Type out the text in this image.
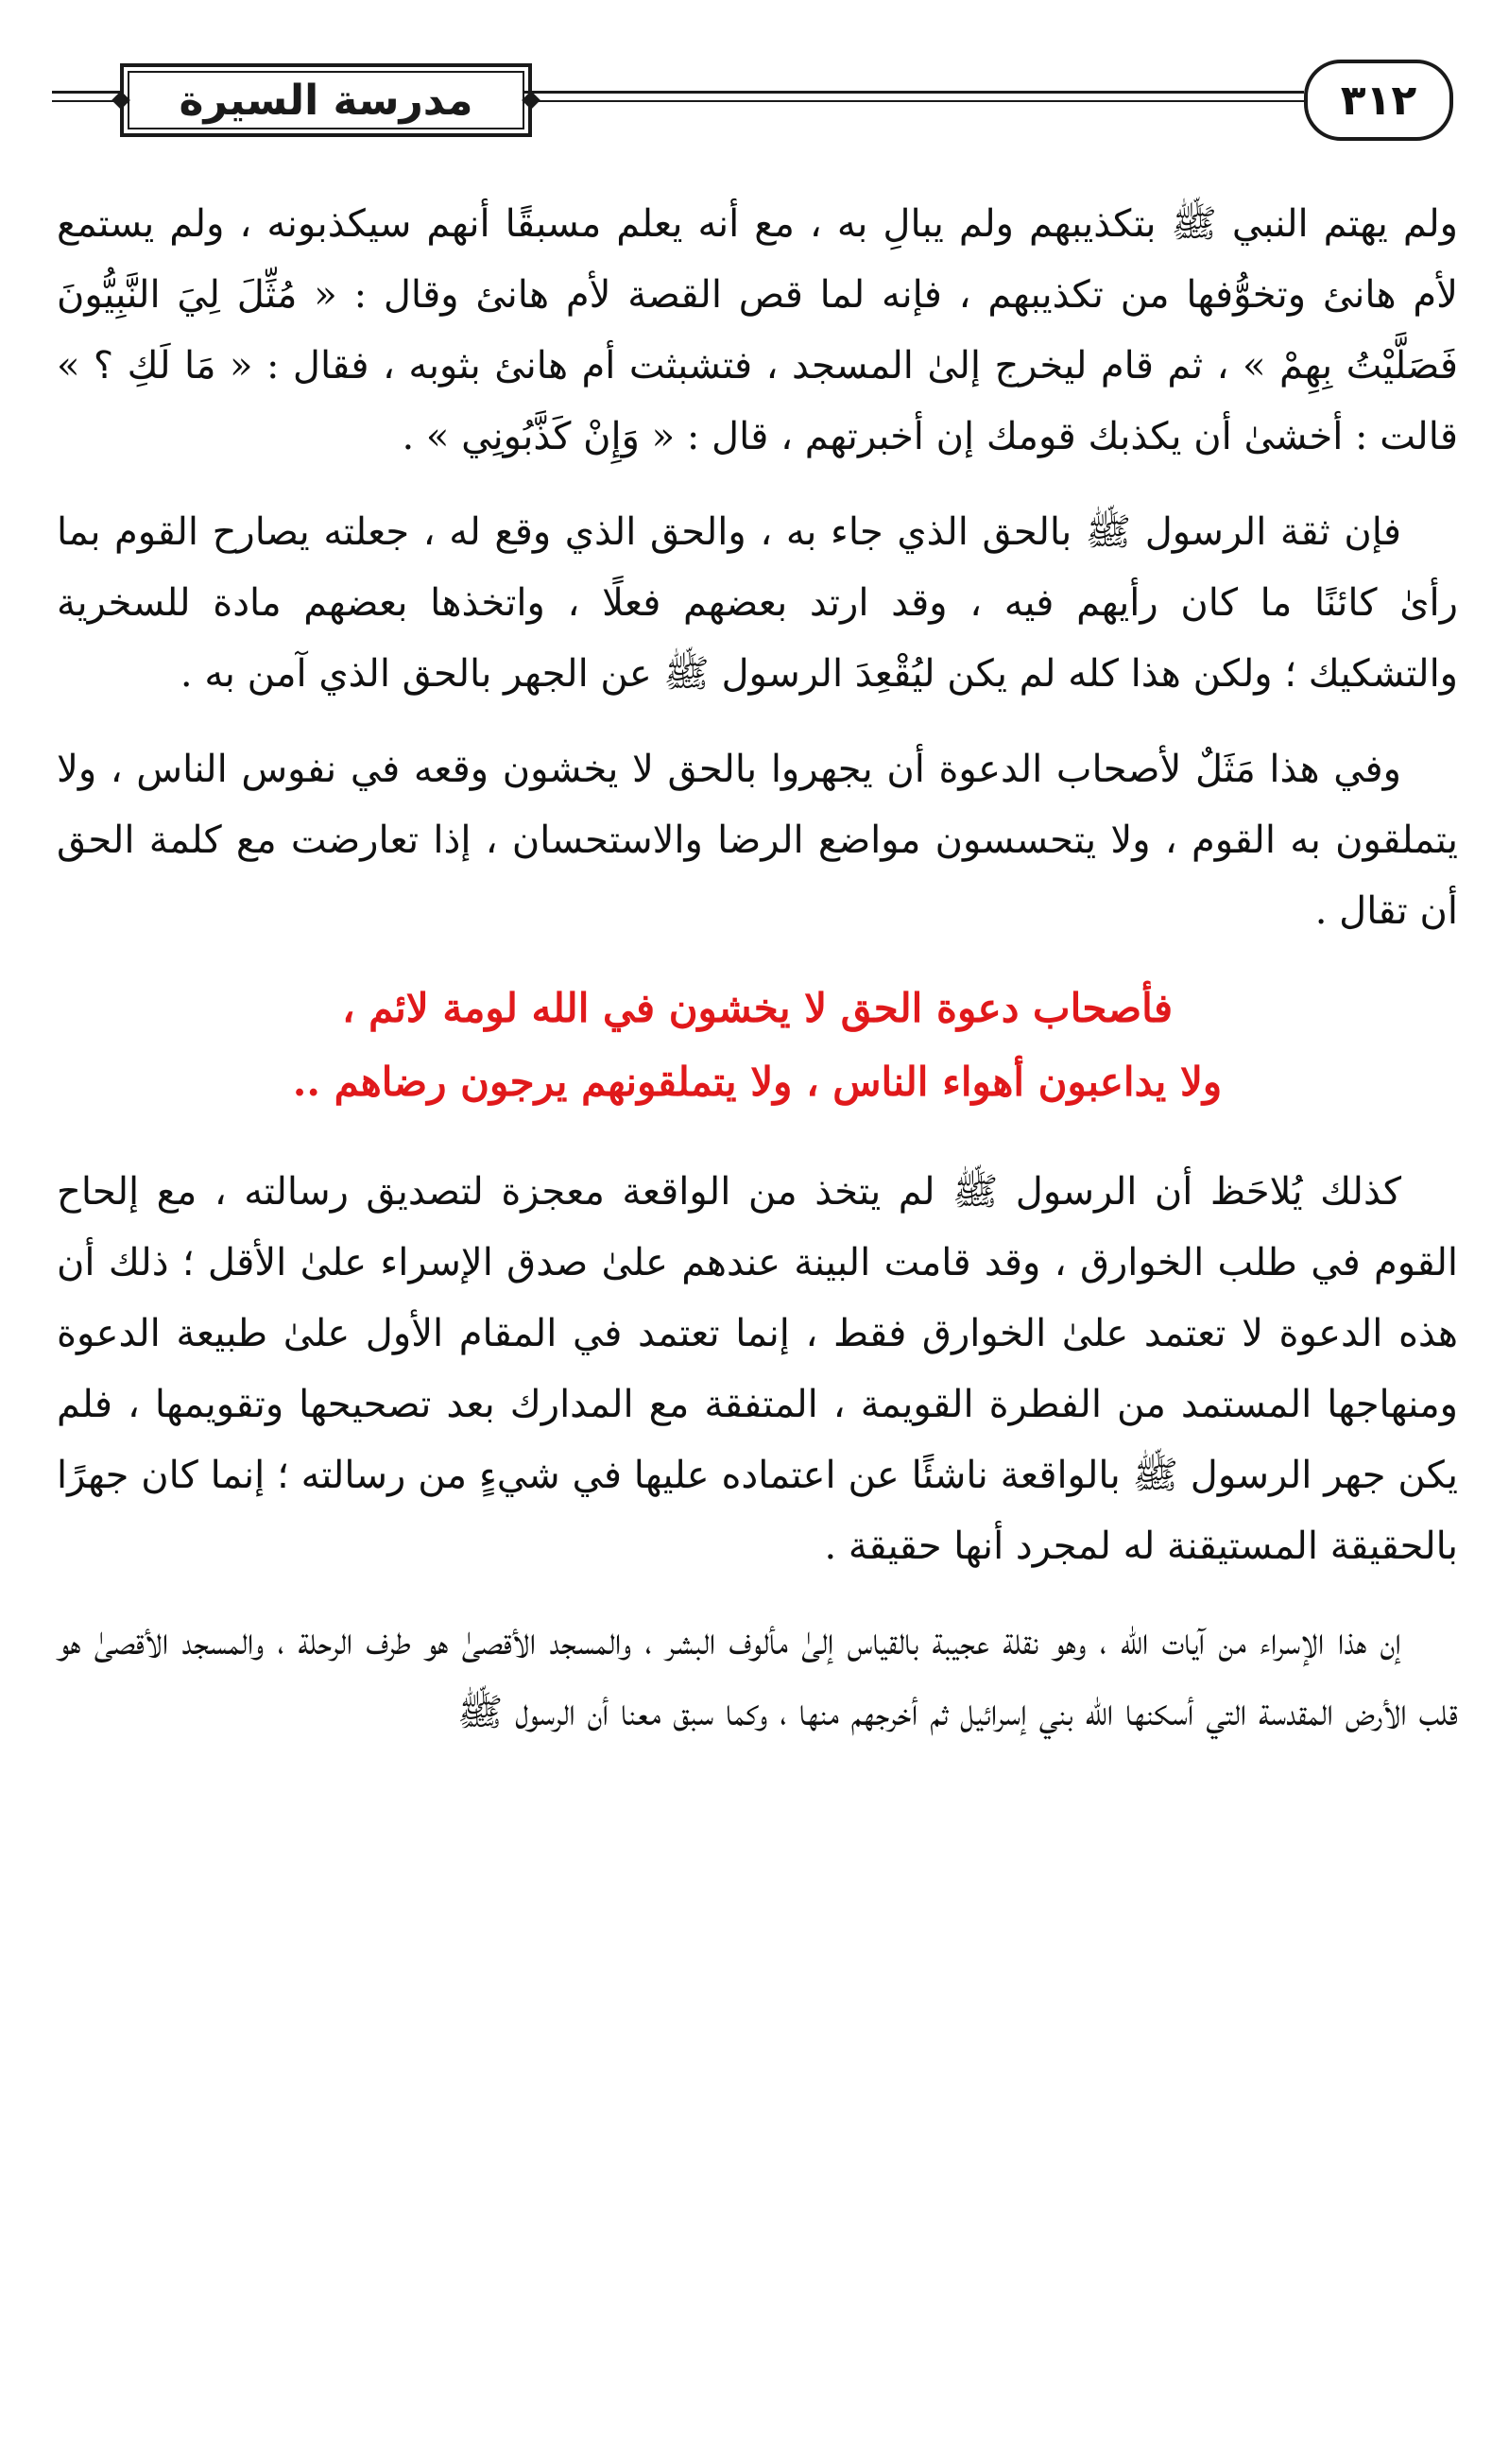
مدرسة السيرة	٣١٢

ولم يهتم النبي ﷺ بتكذيبهم ولم يبالِ به ، مع أنه يعلم مسبقًا أنهم سيكذبونه ، ولم يستمع لأم هانئ وتخوُّفها من تكذيبهم ، فإنه لما قص القصة لأم هانئ وقال : « مُثِّلَ لِيَ النَّبِيُّونَ فَصَلَّيْتُ بِهِمْ » ، ثم قام ليخرج إلىٰ المسجد ، فتشبثت أم هانئ بثوبه ، فقال : « مَا لَكِ ؟ » قالت : أخشىٰ أن يكذبك قومك إن أخبرتهم ، قال : « وَإِنْ كَذَّبُونِي » .

فإن ثقة الرسول ﷺ بالحق الذي جاء به ، والحق الذي وقع له ، جعلته يصارح القوم بما رأىٰ كائنًا ما كان رأيهم فيه ، وقد ارتد بعضهم فعلًا ، واتخذها بعضهم مادة للسخرية والتشكيك ؛ ولكن هذا كله لم يكن ليُقْعِدَ الرسول ﷺ عن الجهر بالحق الذي آمن به .

وفي هذا مَثَلٌ لأصحاب الدعوة أن يجهروا بالحق لا يخشون وقعه في نفوس الناس ، ولا يتملقون به القوم ، ولا يتحسسون مواضع الرضا والاستحسان ، إذا تعارضت مع كلمة الحق أن تقال .

فأصحاب دعوة الحق لا يخشون في الله لومة لائم ،
ولا يداعبون أهواء الناس ، ولا يتملقونهم يرجون رضاهم ..

كذلك يُلاحَظ أن الرسول ﷺ لم يتخذ من الواقعة معجزة لتصديق رسالته ، مع إلحاح القوم في طلب الخوارق ، وقد قامت البينة عندهم علىٰ صدق الإسراء علىٰ الأقل ؛ ذلك أن هذه الدعوة لا تعتمد علىٰ الخوارق فقط ، إنما تعتمد في المقام الأول علىٰ طبيعة الدعوة ومنهاجها المستمد من الفطرة القويمة ، المتفقة مع المدارك بعد تصحيحها وتقويمها ، فلم يكن جهر الرسول ﷺ بالواقعة ناشئًا عن اعتماده عليها في شيءٍ من رسالته ؛ إنما كان جهرًا بالحقيقة المستيقنة له لمجرد أنها حقيقة .

إن هذا الإسراء من آيات الله ، وهو نقلة عجيبة بالقياس إلىٰ مألوف البشر ، والمسجد الأقصىٰ هو طرف الرحلة ، والمسجد الأقصىٰ هو قلب الأرض المقدسة التي أسكنها الله بني إسرائيل ثم أخرجهم منها ، وكما سبق معنا أن الرسول ﷺ
